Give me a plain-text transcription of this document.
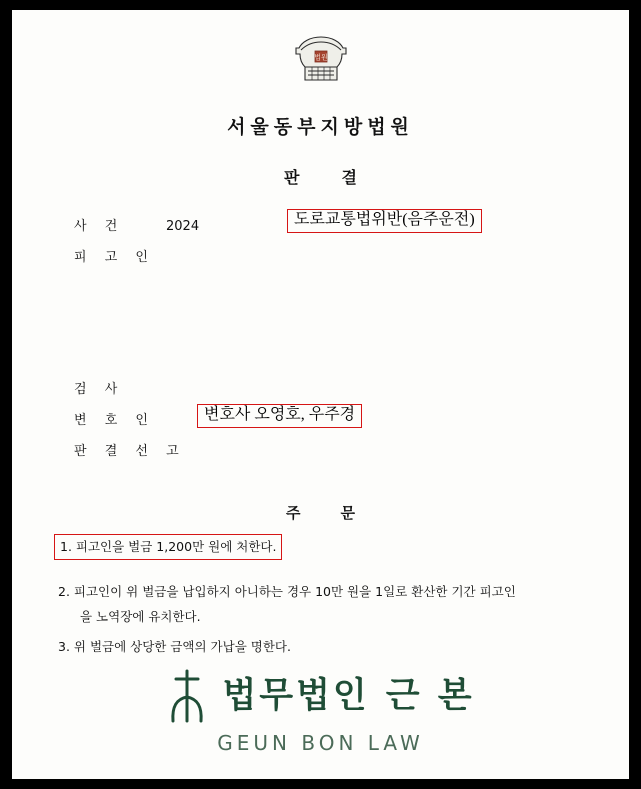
법원
서울동부지방법원
판	결
사 건	2024	도로교통법위반(음주운전)
피 고 인
검 사
변 호 인	변호사 오영호, 우주경
판 결 선 고
주	문
1. 피고인을 벌금 1,200만 원에 처한다.
2. 피고인이 위 벌금을 납입하지 아니하는 경우 10만 원을 1일로 환산한 기간 피고인
을 노역장에 유치한다.
3. 위 벌금에 상당한 금액의 가납을 명한다.
법무법인 근 본
GEUN BON LAW
